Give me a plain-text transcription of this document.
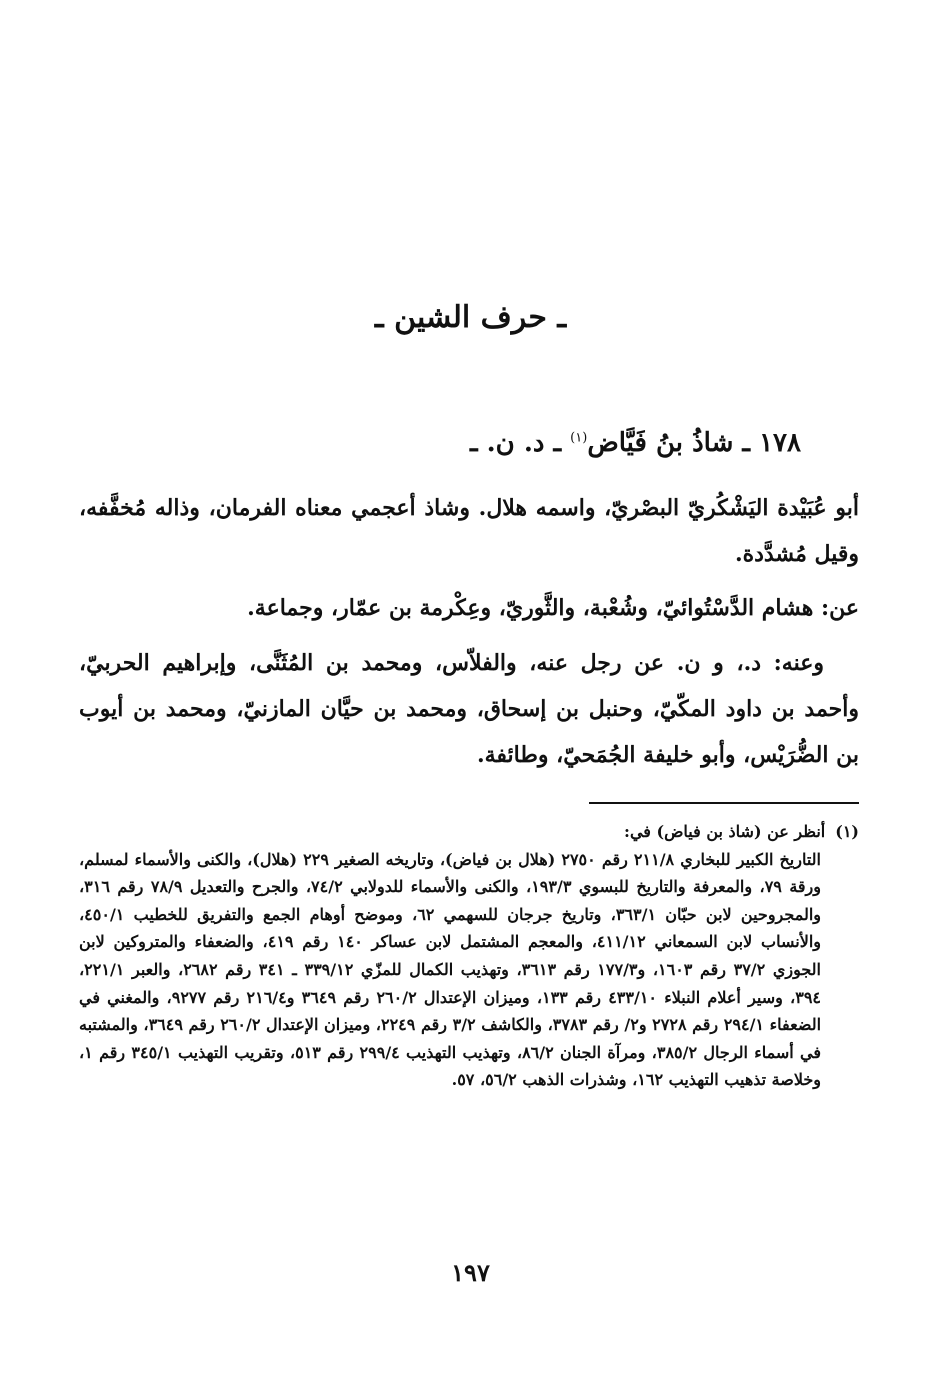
ـ حرف الشين ـ
١٧٨ ـ شاذُ بنُ فَيَّاض$^{(١)}$ ـ د. ن. ـ

أبو عُبَيْدة اليَشْكُريّ البصْريّ، واسمه هلال. وشاذ أعجمي معناه الفرمان، وذاله مُخفَّفه، وقيل مُشدَّدة.

عن: هشام الدَّسْتُوائيّ، وشُعْبة، والثَّوريّ، وعِكْرمة بن عمّار، وجماعة.

وعنه: د.، و ن. عن رجل عنه، والفلاّس، ومحمد بن المُثَنَّى، وإبراهيم الحربيّ، وأحمد بن داود المكّيّ، وحنبل بن إسحاق، ومحمد بن حيَّان المازنيّ، ومحمد بن أيوب بن الضُّرَيْس، وأبو خليفة الجُمَحيّ، وطائفة.

(١)أنظر عن (شاذ بن فياض) في:
التاريخ الكبير للبخاري ٢١١/٨ رقم ٢٧٥٠ (هلال بن فياض)، وتاريخه الصغير ٢٢٩ (هلال)، والكنى والأسماء لمسلم، ورقة ٧٩، والمعرفة والتاريخ للبسوي ١٩٣/٣، والكنى والأسماء للدولابي ٧٤/٢، والجرح والتعديل ٧٨/٩ رقم ٣١٦، والمجروحين لابن حبّان ٣٦٣/١، وتاريخ جرجان للسهمي ٦٢، وموضح أوهام الجمع والتفريق للخطيب ٤٥٠/١، والأنساب لابن السمعاني ٤١١/١٢، والمعجم المشتمل لابن عساكر ١٤٠ رقم ٤١٩، والضعفاء والمتروكين لابن الجوزي ٣٧/٢ رقم ١٦٠٣، و١٧٧/٣ رقم ٣٦١٣، وتهذيب الكمال للمزّي ٣٣٩/١٢ ـ ٣٤١ رقم ٢٦٨٢، والعبر ٢٢١/١، ٣٩٤، وسير أعلام النبلاء ٤٣٣/١٠ رقم ١٣٣، وميزان الإعتدال ٢٦٠/٢ رقم ٣٦٤٩ و٢١٦/٤ رقم ٩٢٧٧، والمغني في الضعفاء ٢٩٤/١ رقم ٢٧٢٨ و٢/ رقم ٣٧٨٣، والكاشف ٣/٢ رقم ٢٢٤٩، وميزان الإعتدال ٢٦٠/٢ رقم ٣٦٤٩، والمشتبه في أسماء الرجال ٣٨٥/٢، ومرآة الجنان ٨٦/٢، وتهذيب التهذيب ٢٩٩/٤ رقم ٥١٣، وتقريب التهذيب ٣٤٥/١ رقم ١، وخلاصة تذهيب التهذيب ١٦٢، وشذرات الذهب ٥٦/٢، ٥٧.
١٩٧
